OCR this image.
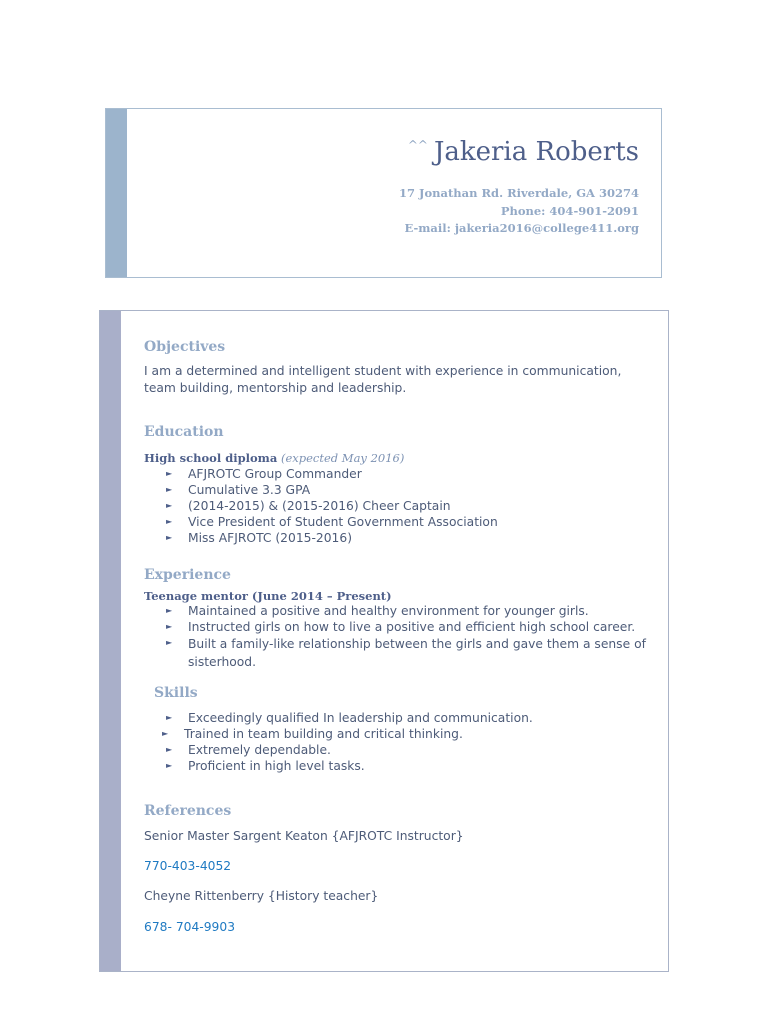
^^ Jakeria Roberts
17 Jonathan Rd. Riverdale, GA 30274
Phone: 404-901-2091
E-mail: jakeria2016@college411.org
Objectives
I am a determined and intelligent student with experience in communication, team building, mentorship and leadership.
Education
High school diploma (expected May 2016)
► AFJROTC Group Commander
► Cumulative 3.3 GPA
► (2014-2015) & (2015-2016) Cheer Captain
► Vice President of Student Government Association
► Miss AFJROTC (2015-2016)
Experience
Teenage mentor (June 2014 – Present)
► Maintained a positive and healthy environment for younger girls.
► Instructed girls on how to live a positive and efficient high school career.
► Built a family-like relationship between the girls and gave them a sense of sisterhood.
Skills
► Exceedingly qualified In leadership and communication.
► Trained in team building and critical thinking.
► Extremely dependable.
► Proficient in high level tasks.
References
Senior Master Sargent Keaton {AFJROTC Instructor}
770-403-4052
Cheyne Rittenberry {History teacher}
678- 704-9903
